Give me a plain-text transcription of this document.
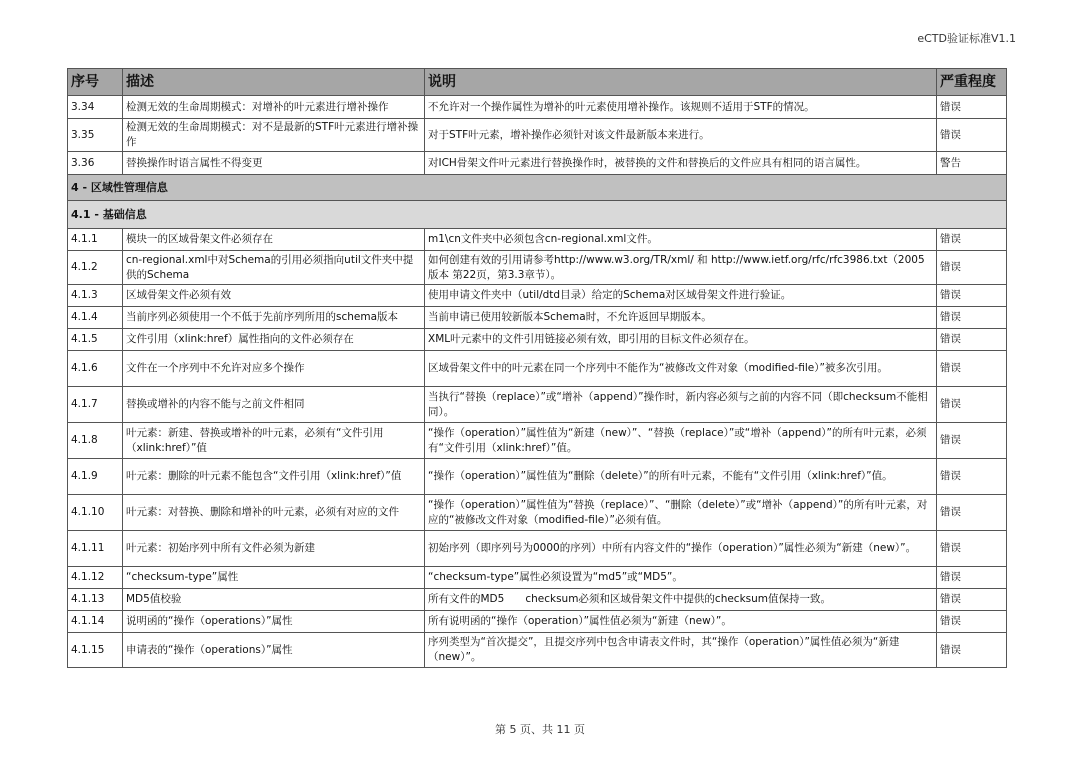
eCTD验证标准V1.1
序号	描述	说明	严重程度
3.34	检测无效的生命周期模式：对增补的叶元素进行增补操作	不允许对一个操作属性为增补的叶元素使用增补操作。该规则不适用于STF的情况。	错误
3.35	检测无效的生命周期模式：对不是最新的STF叶元素进行增补操作	对于STF叶元素，增补操作必须针对该文件最新版本来进行。	错误
3.36	替换操作时语言属性不得变更	对ICH骨架文件叶元素进行替换操作时，被替换的文件和替换后的文件应具有相同的语言属性。	警告
4 - 区域性管理信息			
4.1 - 基础信息			
4.1.1	模块一的区域骨架文件必须存在	m1\cn文件夹中必须包含cn-regional.xml文件。	错误
4.1.2	cn-regional.xml中对Schema的引用必须指向util文件夹中提供的Schema	如何创建有效的引用请参考http://www.w3.org/TR/xml/ 和 http://www.ietf.org/rfc/rfc3986.txt（2005版本 第22页，第3.3章节）。	错误
4.1.3	区域骨架文件必须有效	使用申请文件夹中（util/dtd目录）给定的Schema对区域骨架文件进行验证。	错误
4.1.4	当前序列必须使用一个不低于先前序列所用的schema版本	当前申请已使用较新版本Schema时，不允许返回早期版本。	错误
4.1.5	文件引用（xlink:href）属性指向的文件必须存在	XML叶元素中的文件引用链接必须有效，即引用的目标文件必须存在。	错误
4.1.6	文件在一个序列中不允许对应多个操作	区域骨架文件中的叶元素在同一个序列中不能作为“被修改文件对象（modified-file）”被多次引用。	错误
4.1.7	替换或增补的内容不能与之前文件相同	当执行“替换（replace）”或“增补（append）”操作时，新内容必须与之前的内容不同（即checksum不能相同）。	错误
4.1.8	叶元素：新建、替换或增补的叶元素，必须有“文件引用（xlink:href）”值	“操作（operation）”属性值为“新建（new）”、“替换（replace）”或“增补（append）”的所有叶元素，必须有“文件引用（xlink:href）”值。	错误
4.1.9	叶元素：删除的叶元素不能包含“文件引用（xlink:href）”值	“操作（operation）”属性值为“删除（delete）”的所有叶元素，不能有“文件引用（xlink:href）”值。	错误
4.1.10	叶元素：对替换、删除和增补的叶元素，必须有对应的文件	“操作（operation）”属性值为“替换（replace）”、“删除（delete）”或“增补（append）”的所有叶元素，对应的“被修改文件对象（modified-file）”必须有值。	错误
4.1.11	叶元素：初始序列中所有文件必须为新建	初始序列（即序列号为0000的序列）中所有内容文件的“操作（operation）”属性必须为“新建（new）”。	错误
4.1.12	“checksum-type”属性	“checksum-type”属性必须设置为“md5”或“MD5”。	错误
4.1.13	MD5值校验	所有文件的MD5　　checksum必须和区域骨架文件中提供的checksum值保持一致。	错误
4.1.14	说明函的“操作（operations）”属性	所有说明函的“操作（operation）”属性值必须为“新建（new）”。	错误
4.1.15	申请表的“操作（operations）”属性	序列类型为“首次提交”，且提交序列中包含申请表文件时，其“操作（operation）”属性值必须为“新建（new）”。	错误
第 5 页、共 11 页
